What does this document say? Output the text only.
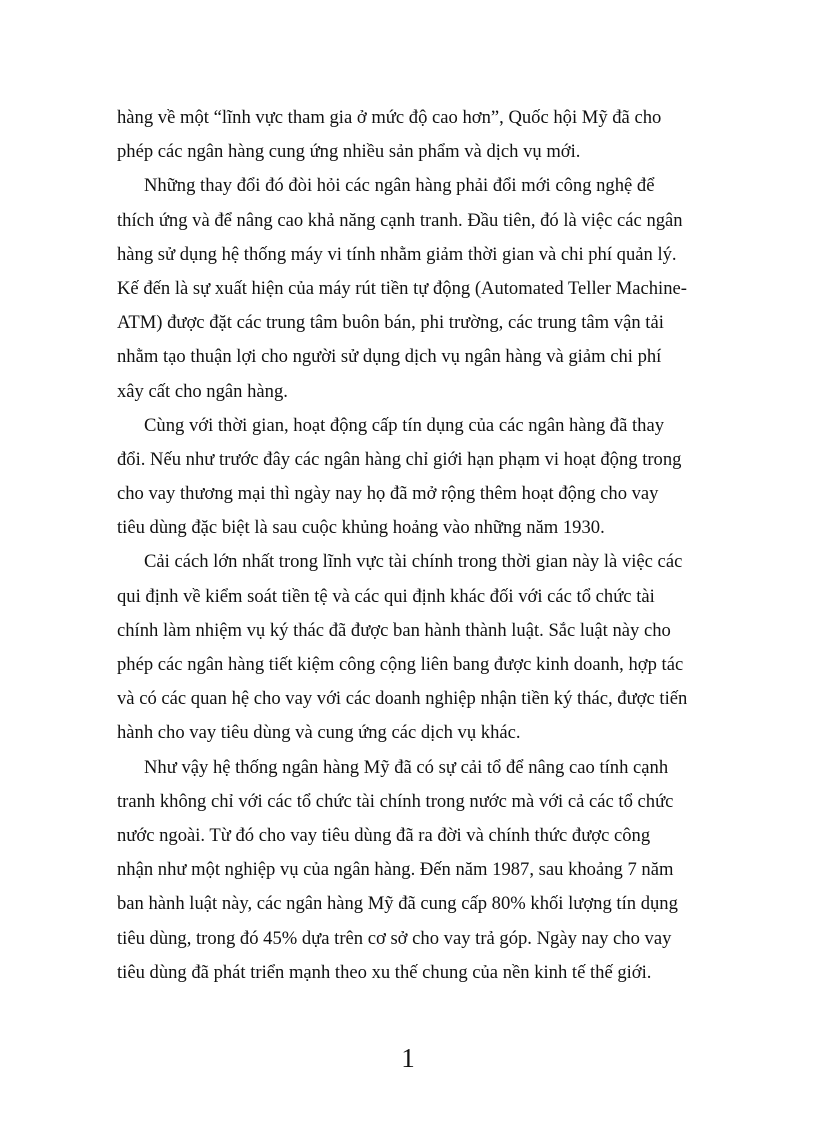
hàng về một “lĩnh vực tham gia ở mức độ cao hơn”, Quốc hội Mỹ đã cho
phép các ngân hàng cung ứng nhiều sản phẩm và dịch vụ mới.
Những thay đổi đó đòi hỏi các ngân hàng phải đổi mới công nghệ để
thích ứng và để nâng cao khả năng cạnh tranh. Đầu tiên, đó là việc các ngân
hàng sử dụng hệ thống máy vi tính nhằm giảm thời gian và chi phí quản lý.
Kế đến là sự xuất hiện của máy rút tiền tự động (Automated Teller Machine-
ATM) được đặt các trung tâm buôn bán, phi trường, các trung tâm vận tải
nhằm tạo thuận lợi cho người sử dụng dịch vụ ngân hàng và giảm chi phí
xây cất cho ngân hàng.
Cùng với thời gian, hoạt động cấp tín dụng của các ngân hàng đã thay
đổi. Nếu như trước đây các ngân hàng chỉ giới hạn phạm vi hoạt động trong
cho vay thương mại thì ngày nay họ đã mở rộng thêm hoạt động cho vay
tiêu dùng đặc biệt là sau cuộc khủng hoảng vào những năm 1930.
Cải cách lớn nhất trong lĩnh vực tài chính trong thời gian này là việc các
qui định về kiểm soát tiền tệ và các qui định khác đối với các tổ chức tài
chính làm nhiệm vụ ký thác đã được ban hành thành luật. Sắc luật này cho
phép các ngân hàng tiết kiệm công cộng liên bang được kinh doanh, hợp tác
và có các quan hệ cho vay với các doanh nghiệp nhận tiền ký thác, được tiến
hành cho vay tiêu dùng và cung ứng các dịch vụ khác.
Như vậy hệ thống ngân hàng Mỹ đã có sự cải tổ để nâng cao tính cạnh
tranh không chỉ với các tổ chức tài chính trong nước mà với cả các tổ chức
nước ngoài. Từ đó cho vay tiêu dùng đã ra đời và chính thức được công
nhận như một nghiệp vụ của ngân hàng. Đến năm 1987, sau khoảng 7 năm
ban hành luật này, các ngân hàng Mỹ đã cung cấp 80% khối lượng tín dụng
tiêu dùng, trong đó 45% dựa trên cơ sở cho vay trả góp. Ngày nay cho vay
tiêu dùng đã phát triển mạnh theo xu thế chung của nền kinh tế thế giới.
1
